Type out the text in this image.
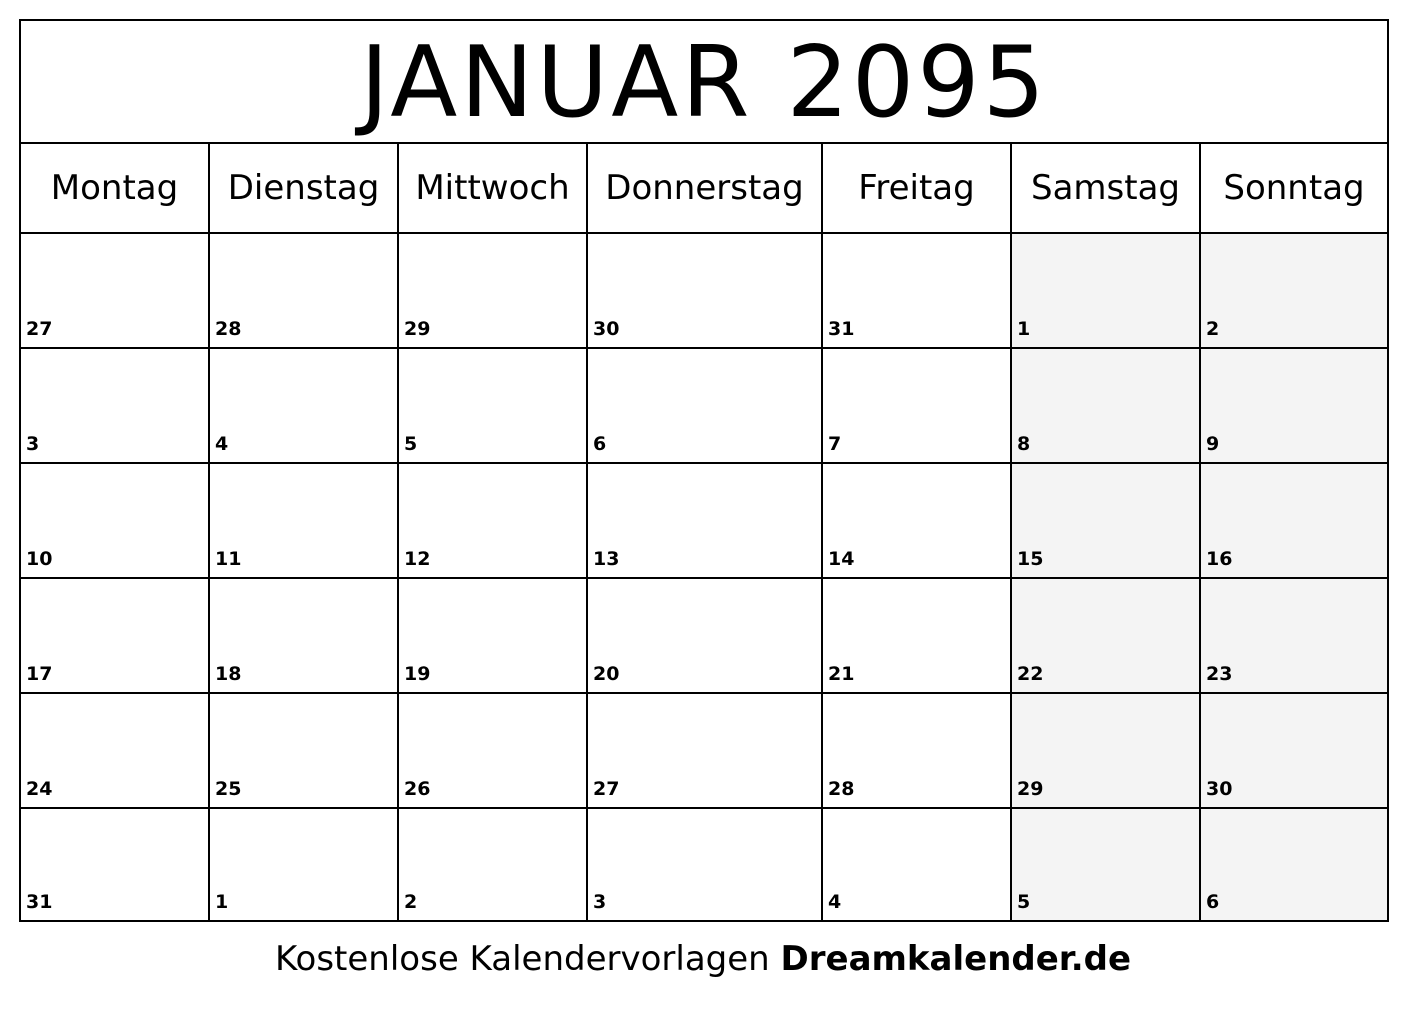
JANUAR 2095
Montag	Dienstag	Mittwoch	Donnerstag	Freitag	Samstag	Sonntag
27	28	29	30	31	1	2
3	4	5	6	7	8	9
10	11	12	13	14	15	16
17	18	19	20	21	22	23
24	25	26	27	28	29	30
31	1	2	3	4	5	6
Kostenlose Kalendervorlagen Dreamkalender.de
